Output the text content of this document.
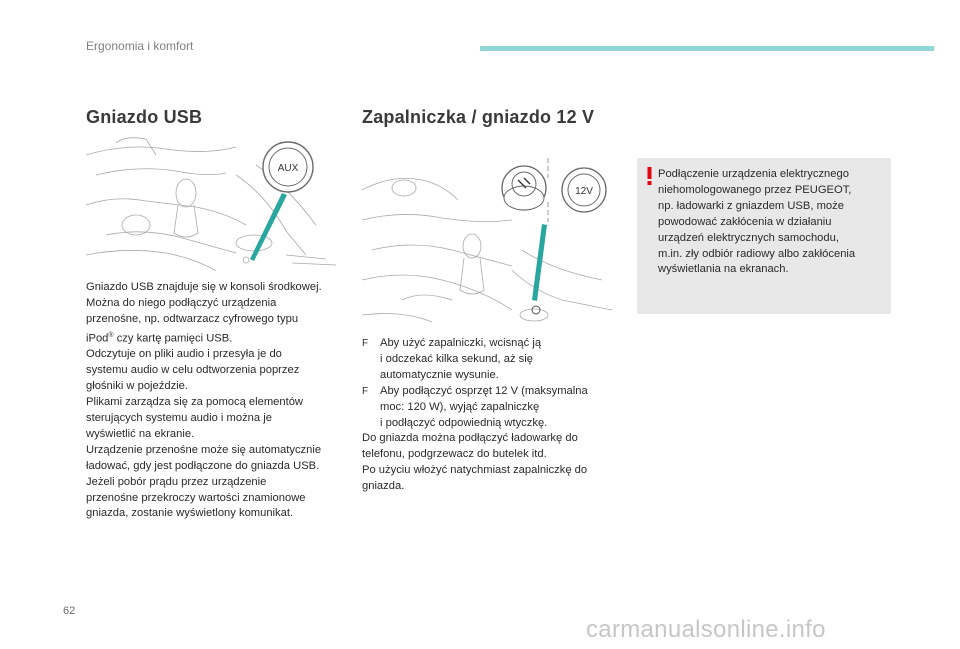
Ergonomia i komfort
Gniazdo USB
AUX

Gniazdo USB znajduje się w konsoli środkowej.

Można do niego podłączyć urządzenia

przenośne, np. odtwarzacz cyfrowego typu

iPod® czy kartę pamięci USB.

Odczytuje on pliki audio i przesyła je do

systemu audio w celu odtworzenia poprzez

głośniki w pojeździe.

Plikami zarządza się za pomocą elementów

sterujących systemu audio i można je

wyświetlić na ekranie.

Urządzenie przenośne może się automatycznie

ładować, gdy jest podłączone do gniazda USB.

Jeżeli pobór prądu przez urządzenie

przenośne przekroczy wartości znamionowe

gniazda, zostanie wyświetlony komunikat.

Zapalniczka / gniazdo 12 V
12V
F	Aby użyć zapalniczki, wcisnąć ją

i odczekać kilka sekund, aż się

automatycznie wysunie.

F	Aby podłączyć osprzęt 12 V (maksymalna

moc: 120 W), wyjąć zapalniczkę

i podłączyć odpowiednią wtyczkę.

Do gniazda można podłączyć ładowarkę do

telefonu, podgrzewacz do butelek itd.

Po użyciu włożyć natychmiast zapalniczkę do

gniazda.

Podłączenie urządzenia elektrycznego
niehomologowanego przez PEUGEOT,
np. ładowarki z gniazdem USB, może
powodować zakłócenia w działaniu
urządzeń elektrycznych samochodu,
m.in. zły odbiór radiowy albo zakłócenia
wyświetlania na ekranach.
62
carmanualsonline.info
